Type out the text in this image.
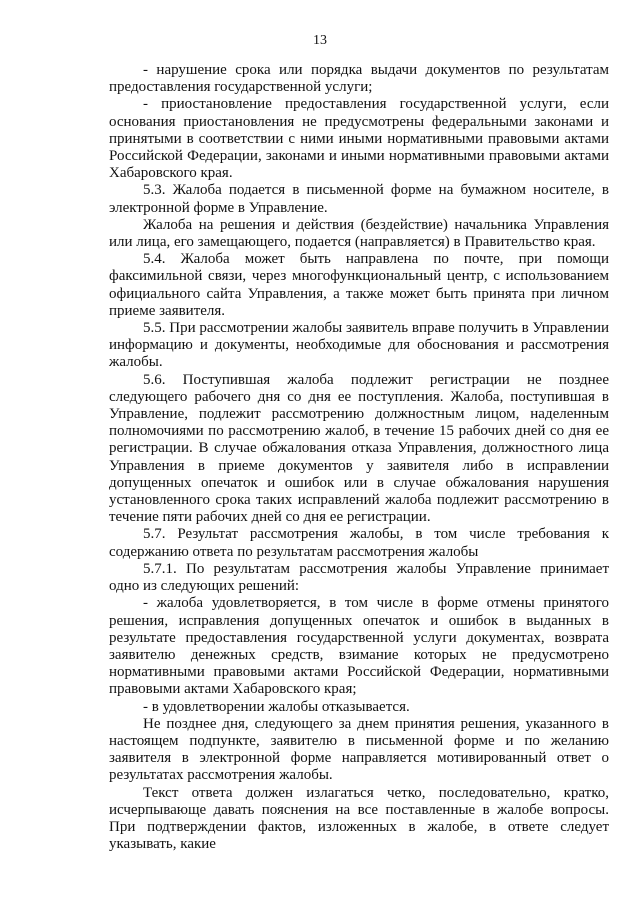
13

- нарушение срока или порядка выдачи документов по результатам предоставления государственной услуги;

- приостановление предоставления государственной услуги, если основания приостановления не предусмотрены федеральными законами и принятыми в соответствии с ними иными нормативными правовыми актами Российской Федерации, законами и иными нормативными правовыми актами Хабаровского края.

5.3. Жалоба подается в письменной форме на бумажном носителе, в электронной форме в Управление.

Жалоба на решения и действия (бездействие) начальника Управления или лица, его замещающего, подается (направляется) в Правительство края.

5.4. Жалоба может быть направлена по почте, при помощи факсимильной связи, через многофункциональный центр, с использованием официального сайта Управления, а также может быть принята при личном приеме заявителя.

5.5. При рассмотрении жалобы заявитель вправе получить в Управлении информацию и документы, необходимые для обоснования и рассмотрения жалобы.

5.6. Поступившая жалоба подлежит регистрации не позднее следующего рабочего дня со дня ее поступления. Жалоба, поступившая в Управление, подлежит рассмотрению должностным лицом, наделенным полномочиями по рассмотрению жалоб, в течение 15 рабочих дней со дня ее регистрации. В случае обжалования отказа Управления, должностного лица Управления в приеме документов у заявителя либо в исправлении допущенных опечаток и ошибок или в случае обжалования нарушения установленного срока таких исправлений жалоба подлежит рассмотрению в течение пяти рабочих дней со дня ее регистрации.

5.7. Результат рассмотрения жалобы, в том числе требования к содержанию ответа по результатам рассмотрения жалобы

5.7.1. По результатам рассмотрения жалобы Управление принимает одно из следующих решений:

- жалоба удовлетворяется, в том числе в форме отмены принятого решения, исправления допущенных опечаток и ошибок в выданных в результате предоставления государственной услуги документах, возврата заявителю денежных средств, взимание которых не предусмотрено нормативными правовыми актами Российской Федерации, нормативными правовыми актами Хабаровского края;

- в удовлетворении жалобы отказывается.

Не позднее дня, следующего за днем принятия решения, указанного в настоящем подпункте, заявителю в письменной форме и по желанию заявителя в электронной форме направляется мотивированный ответ о результатах рассмотрения жалобы.

Текст ответа должен излагаться четко, последовательно, кратко, исчерпывающе давать пояснения на все поставленные в жалобе вопросы. При подтверждении фактов, изложенных в жалобе, в ответе следует указывать, какие
